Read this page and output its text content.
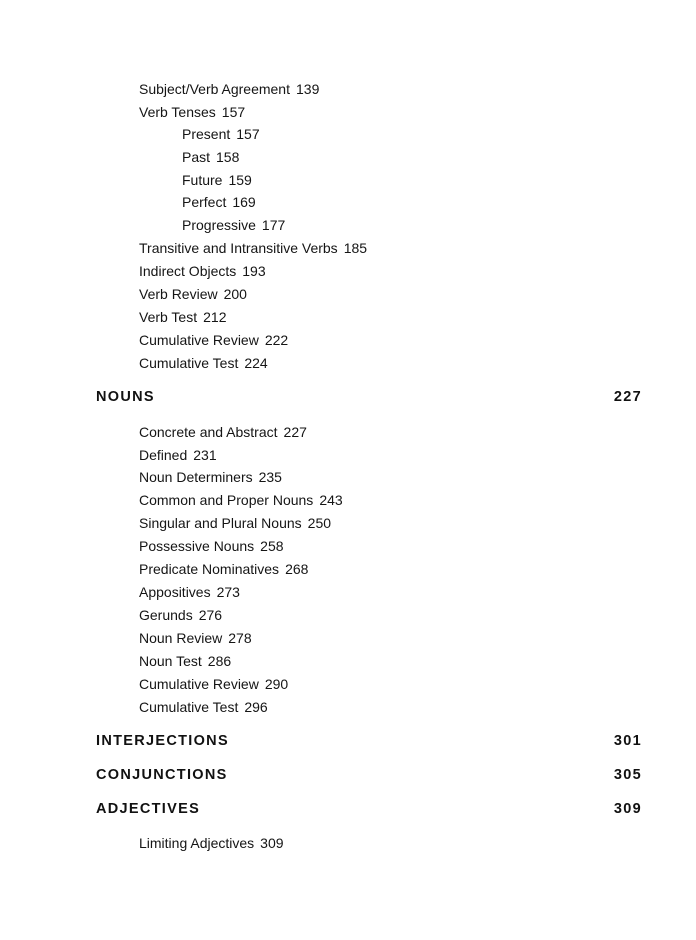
Subject/Verb Agreement 139
Verb Tenses 157
Present 157
Past 158
Future 159
Perfect 169
Progressive 177
Transitive and Intransitive Verbs 185
Indirect Objects 193
Verb Review 200
Verb Test 212
Cumulative Review 222
Cumulative Test 224
NOUNS	227
Concrete and Abstract 227
Defined 231
Noun Determiners 235
Common and Proper Nouns 243
Singular and Plural Nouns 250
Possessive Nouns 258
Predicate Nominatives 268
Appositives 273
Gerunds 276
Noun Review 278
Noun Test 286
Cumulative Review 290
Cumulative Test 296
INTERJECTIONS	301
CONJUNCTIONS	305
ADJECTIVES	309
Limiting Adjectives 309
